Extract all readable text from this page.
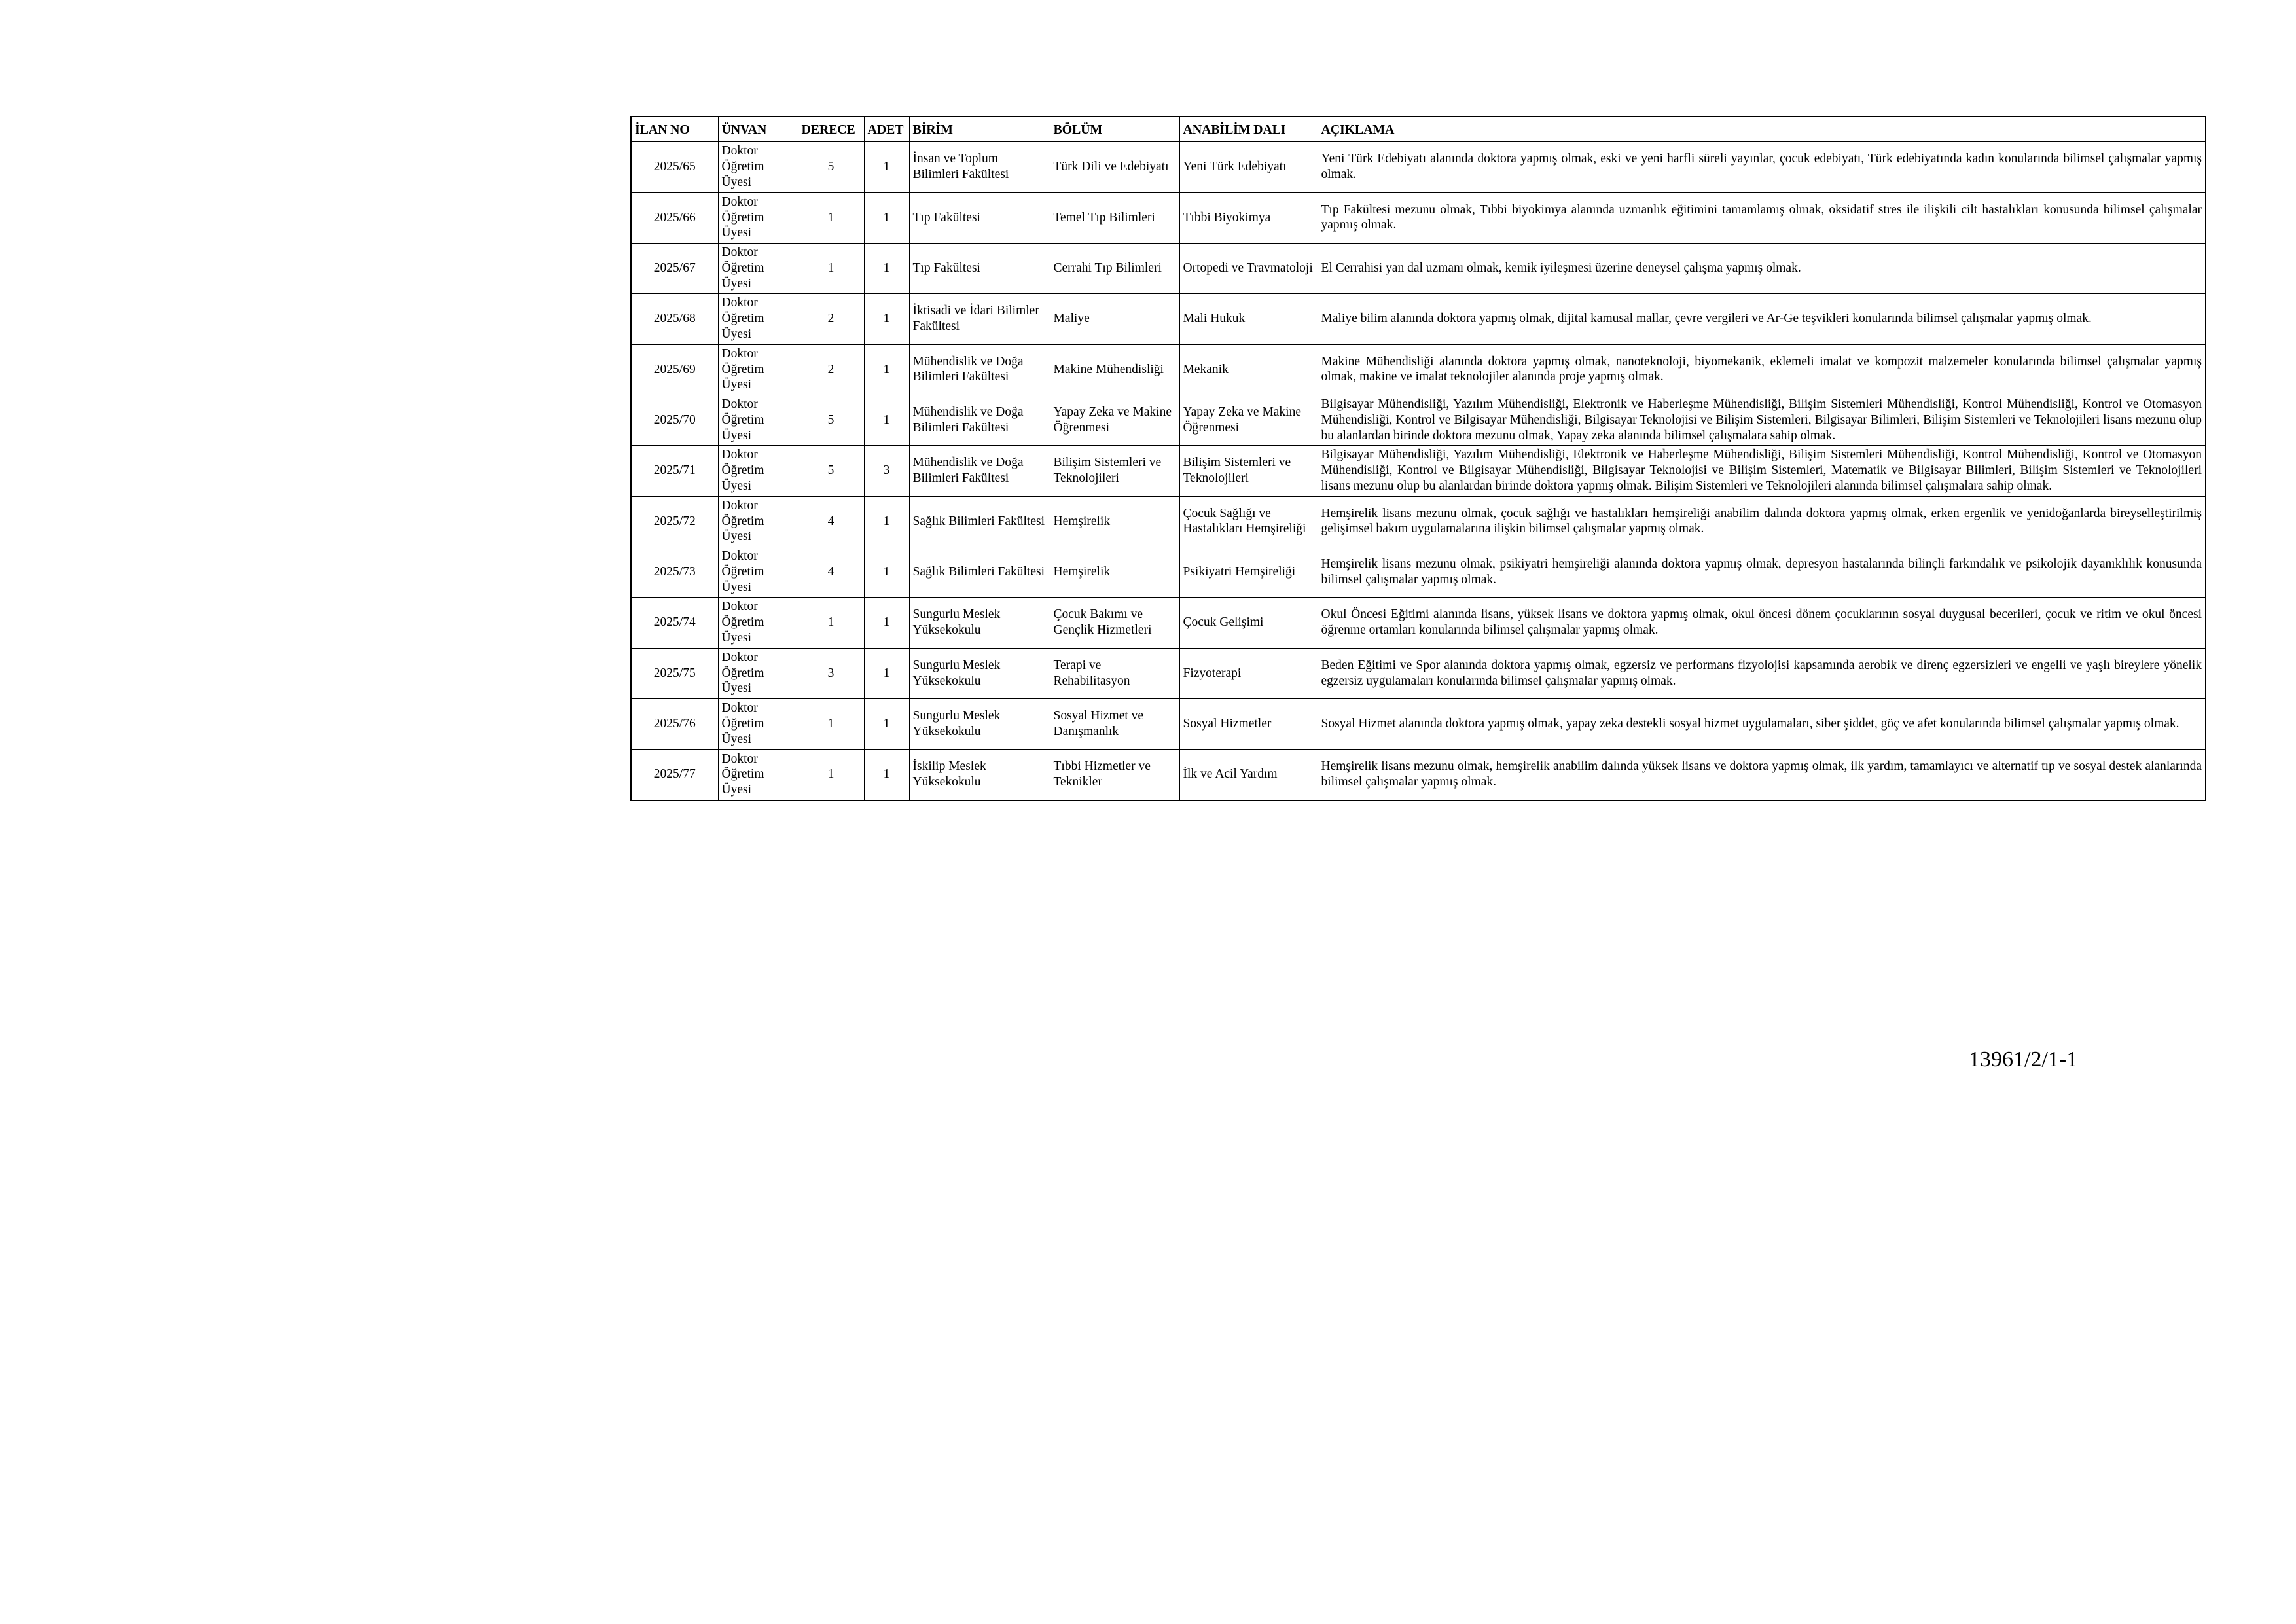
İLAN NO	ÜNVAN	DERECE	ADET	BİRİM	BÖLÜM	ANABİLİM DALI	AÇIKLAMA
2025/65	Doktor Öğretim Üyesi	5	1	İnsan ve Toplum Bilimleri Fakültesi	Türk Dili ve Edebiyatı	Yeni Türk Edebiyatı	Yeni Türk Edebiyatı alanında doktora yapmış olmak, eski ve yeni harfli süreli yayınlar, çocuk edebiyatı, Türk edebiyatında kadın konularında bilimsel çalışmalar yapmış olmak.
2025/66	Doktor Öğretim Üyesi	1	1	Tıp Fakültesi	Temel Tıp Bilimleri	Tıbbi Biyokimya	Tıp Fakültesi mezunu olmak, Tıbbi biyokimya alanında uzmanlık eğitimini tamamlamış olmak, oksidatif stres ile ilişkili cilt hastalıkları konusunda bilimsel çalışmalar yapmış olmak.
2025/67	Doktor Öğretim Üyesi	1	1	Tıp Fakültesi	Cerrahi Tıp Bilimleri	Ortopedi ve Travmatoloji	El Cerrahisi yan dal uzmanı olmak, kemik iyileşmesi üzerine deneysel çalışma yapmış olmak.
2025/68	Doktor Öğretim Üyesi	2	1	İktisadi ve İdari Bilimler Fakültesi	Maliye	Mali Hukuk	Maliye bilim alanında doktora yapmış olmak, dijital kamusal mallar, çevre vergileri ve Ar-Ge teşvikleri konularında bilimsel çalışmalar yapmış olmak.
2025/69	Doktor Öğretim Üyesi	2	1	Mühendislik ve Doğa Bilimleri Fakültesi	Makine Mühendisliği	Mekanik	Makine Mühendisliği alanında doktora yapmış olmak, nanoteknoloji, biyomekanik, eklemeli imalat ve kompozit malzemeler konularında bilimsel çalışmalar yapmış olmak, makine ve imalat teknolojiler alanında proje yapmış olmak.
2025/70	Doktor Öğretim Üyesi	5	1	Mühendislik ve Doğa Bilimleri Fakültesi	Yapay Zeka ve Makine Öğrenmesi	Yapay Zeka ve Makine Öğrenmesi	Bilgisayar Mühendisliği, Yazılım Mühendisliği, Elektronik ve Haberleşme Mühendisliği, Bilişim Sistemleri Mühendisliği, Kontrol Mühendisliği, Kontrol ve Otomasyon Mühendisliği, Kontrol ve Bilgisayar Mühendisliği, Bilgisayar Teknolojisi ve Bilişim Sistemleri, Bilgisayar Bilimleri, Bilişim Sistemleri ve Teknolojileri lisans mezunu olup bu alanlardan birinde doktora mezunu olmak, Yapay zeka alanında bilimsel çalışmalara sahip olmak.
2025/71	Doktor Öğretim Üyesi	5	3	Mühendislik ve Doğa Bilimleri Fakültesi	Bilişim Sistemleri ve Teknolojileri	Bilişim Sistemleri ve Teknolojileri	Bilgisayar Mühendisliği, Yazılım Mühendisliği, Elektronik ve Haberleşme Mühendisliği, Bilişim Sistemleri Mühendisliği, Kontrol Mühendisliği, Kontrol ve Otomasyon Mühendisliği, Kontrol ve Bilgisayar Mühendisliği, Bilgisayar Teknolojisi ve Bilişim Sistemleri, Matematik ve Bilgisayar Bilimleri, Bilişim Sistemleri ve Teknolojileri lisans mezunu olup bu alanlardan birinde doktora yapmış olmak. Bilişim Sistemleri ve Teknolojileri alanında bilimsel çalışmalara sahip olmak.
2025/72	Doktor Öğretim Üyesi	4	1	Sağlık Bilimleri Fakültesi	Hemşirelik	Çocuk Sağlığı ve Hastalıkları Hemşireliği	Hemşirelik lisans mezunu olmak, çocuk sağlığı ve hastalıkları hemşireliği anabilim dalında doktora yapmış olmak, erken ergenlik ve yenidoğanlarda bireyselleştirilmiş gelişimsel bakım uygulamalarına ilişkin bilimsel çalışmalar yapmış olmak.
2025/73	Doktor Öğretim Üyesi	4	1	Sağlık Bilimleri Fakültesi	Hemşirelik	Psikiyatri Hemşireliği	Hemşirelik lisans mezunu olmak, psikiyatri hemşireliği alanında doktora yapmış olmak, depresyon hastalarında bilinçli farkındalık ve psikolojik dayanıklılık konusunda bilimsel çalışmalar yapmış olmak.
2025/74	Doktor Öğretim Üyesi	1	1	Sungurlu Meslek Yüksekokulu	Çocuk Bakımı ve Gençlik Hizmetleri	Çocuk Gelişimi	Okul Öncesi Eğitimi alanında lisans, yüksek lisans ve doktora yapmış olmak, okul öncesi dönem çocuklarının sosyal duygusal becerileri, çocuk ve ritim ve okul öncesi öğrenme ortamları konularında bilimsel çalışmalar yapmış olmak.
2025/75	Doktor Öğretim Üyesi	3	1	Sungurlu Meslek Yüksekokulu	Terapi ve Rehabilitasyon	Fizyoterapi	Beden Eğitimi ve Spor alanında doktora yapmış olmak, egzersiz ve performans fizyolojisi kapsamında aerobik ve direnç egzersizleri ve engelli ve yaşlı bireylere yönelik egzersiz uygulamaları konularında bilimsel çalışmalar yapmış olmak.
2025/76	Doktor Öğretim Üyesi	1	1	Sungurlu Meslek Yüksekokulu	Sosyal Hizmet ve Danışmanlık	Sosyal Hizmetler	Sosyal Hizmet alanında doktora yapmış olmak, yapay zeka destekli sosyal hizmet uygulamaları, siber şiddet, göç ve afet konularında bilimsel çalışmalar yapmış olmak.
2025/77	Doktor Öğretim Üyesi	1	1	İskilip Meslek Yüksekokulu	Tıbbi Hizmetler ve Teknikler	İlk ve Acil Yardım	Hemşirelik lisans mezunu olmak, hemşirelik anabilim dalında yüksek lisans ve doktora yapmış olmak, ilk yardım, tamamlayıcı ve alternatif tıp ve sosyal destek alanlarında bilimsel çalışmalar yapmış olmak.
13961/2/1-1
